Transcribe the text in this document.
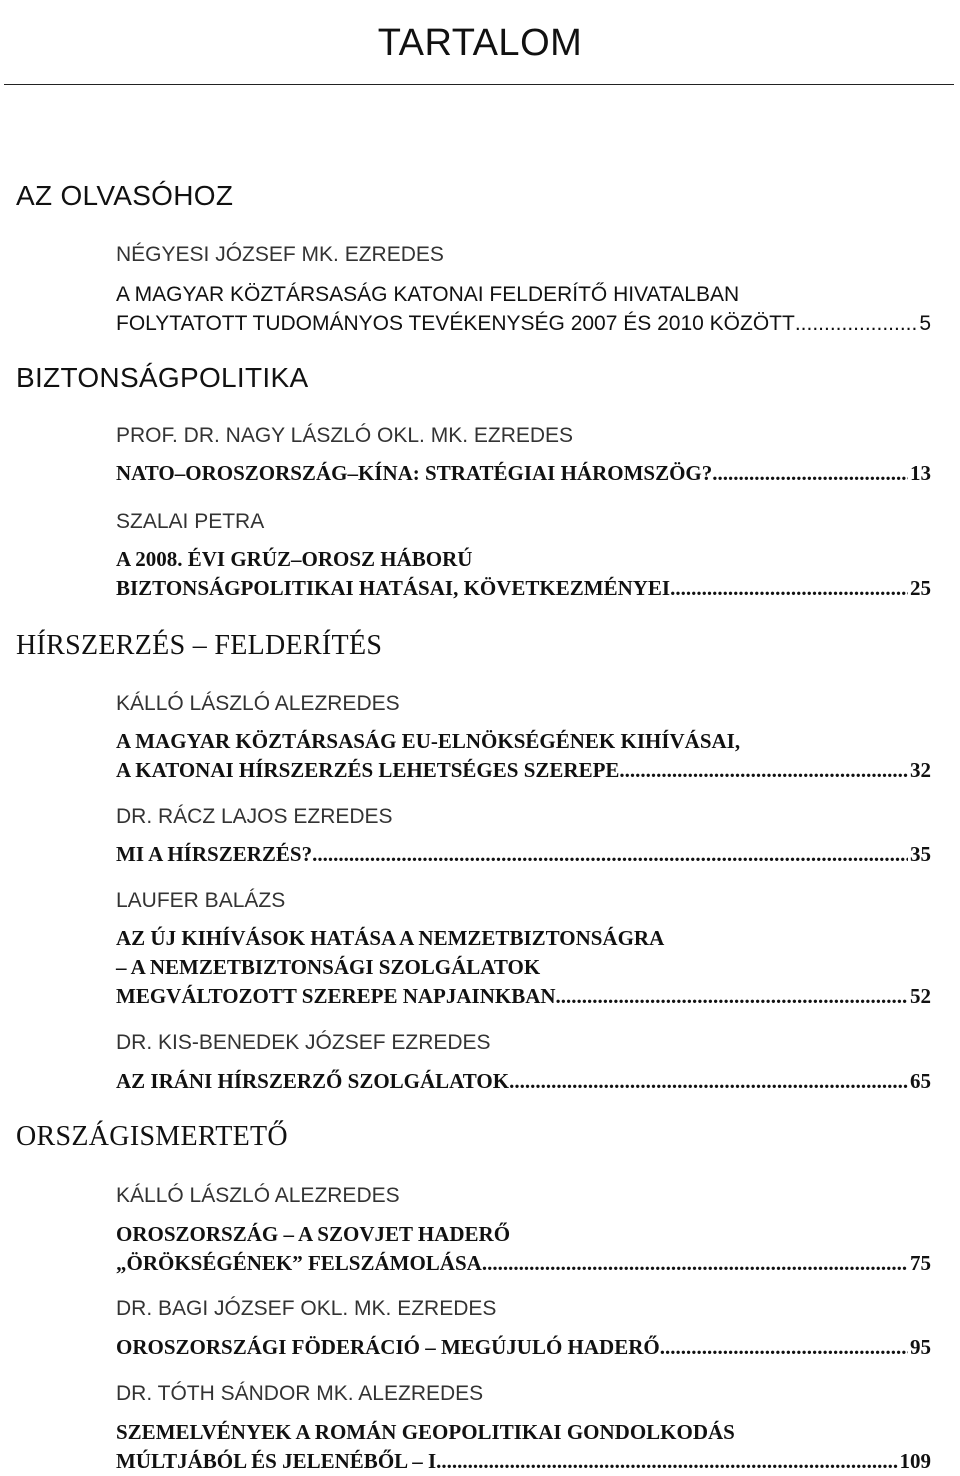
TARTALOM
AZ OLVASÓHOZ
NÉGYESI JÓZSEF MK. EZREDES
A MAGYAR KÖZTÁRSASÁG KATONAI FELDERÍTŐ HIVATALBAN
FOLYTATOTT TUDOMÁNYOS TEVÉKENYSÉG 2007 ÉS 2010 KÖZÖTT .....	5
BIZTONSÁGPOLITIKA
PROF. DR. NAGY LÁSZLÓ OKL. MK. EZREDES
NATO–OROSZORSZÁG–KÍNA: STRATÉGIAI HÁROMSZÖG? .....	13
SZALAI PETRA
A 2008. ÉVI GRÚZ–OROSZ HÁBORÚ
BIZTONSÁGPOLITIKAI HATÁSAI, KÖVETKEZMÉNYEI .....	25
HÍRSZERZÉS – FELDERÍTÉS
KÁLLÓ LÁSZLÓ ALEZREDES
A MAGYAR KÖZTÁRSASÁG EU-ELNÖKSÉGÉNEK KIHÍVÁSAI,
A KATONAI HÍRSZERZÉS LEHETSÉGES SZEREPE .....	32
DR. RÁCZ LAJOS EZREDES
MI A HÍRSZERZÉS? .....	35
LAUFER BALÁZS
AZ ÚJ KIHÍVÁSOK HATÁSA A NEMZETBIZTONSÁGRA
– A NEMZETBIZTONSÁGI SZOLGÁLATOK
MEGVÁLTOZOTT SZEREPE NAPJAINKBAN .....	52
DR. KIS-BENEDEK JÓZSEF EZREDES
AZ IRÁNI HÍRSZERZŐ SZOLGÁLATOK .....	65
ORSZÁGISMERTETŐ
KÁLLÓ LÁSZLÓ ALEZREDES
OROSZORSZÁG – A SZOVJET HADERŐ
„ÖRÖKSÉGÉNEK” FELSZÁMOLÁSA .....	75
DR. BAGI JÓZSEF OKL. MK. EZREDES
OROSZORSZÁGI FÖDERÁCIÓ – MEGÚJULÓ HADERŐ .....	95
DR. TÓTH SÁNDOR MK. ALEZREDES
SZEMELVÉNYEK A ROMÁN GEOPOLITIKAI GONDOLKODÁS
MÚLTJÁBÓL ÉS JELENÉBŐL – I. .....	109
